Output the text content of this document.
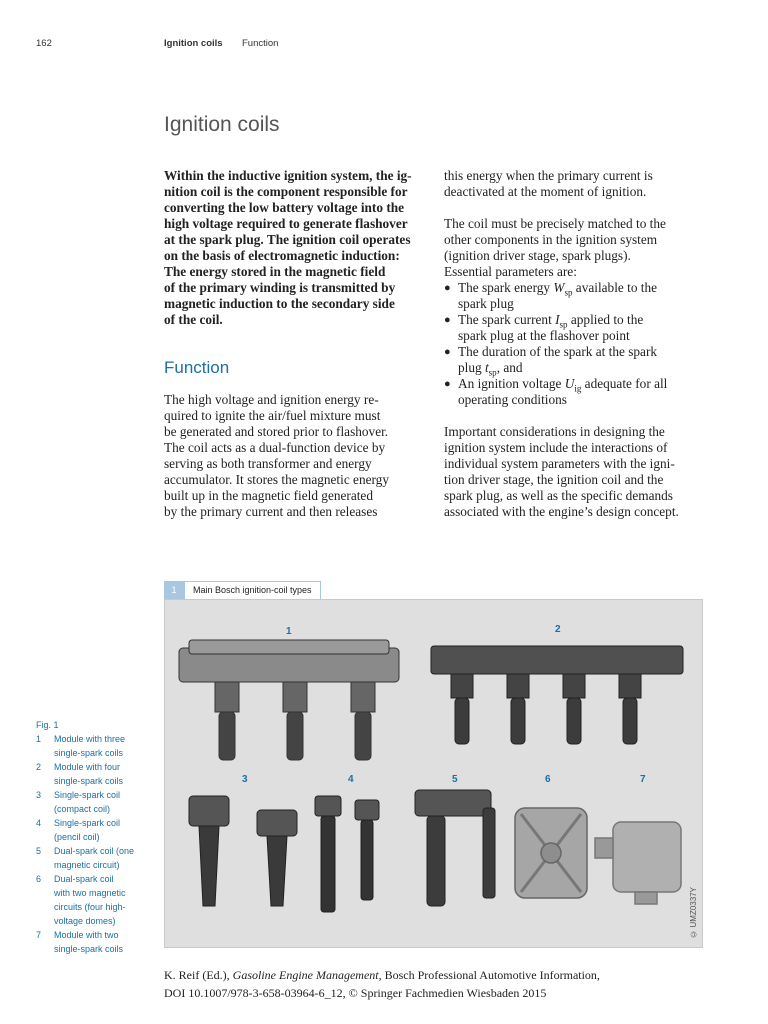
162	Ignition coils Function
Ignition coils
Within the inductive ignition system, the ig-
nition coil is the component responsible for
converting the low battery voltage into the
high voltage required to generate flashover
at the spark plug. The ignition coil operates
on the basis of electromagnetic induction:
The energy stored in the magnetic field
of the primary winding is transmitted by
magnetic induction to the secondary side
of the coil.
Function
The high voltage and ignition energy re-
quired to ignite the air/fuel mixture must
be generated and stored prior to flashover.
The coil acts as a dual-function device by
serving as both transformer and energy
accumulator. It stores the magnetic energy
built up in the magnetic field generated
by the primary current and then releases
this energy when the primary current is
deactivated at the moment of ignition.
The coil must be precisely matched to the
other components in the ignition system
(ignition driver stage, spark plugs).
Essential parameters are:
● The spark energy $W_{sp}$ available to the
spark plug
● The spark current $I_{sp}$ applied to the
spark plug at the flashover point
● The duration of the spark at the spark
plug $t_{sp}$, and
● An ignition voltage $U_{ig}$ adequate for all
operating conditions
Important considerations in designing the
ignition system include the interactions of
individual system parameters with the igni-
tion driver stage, the ignition coil and the
spark plug, as well as the specific demands
associated with the engine’s design concept.
1	Main Bosch ignition-coil types
1	2
3	4	5	6	7
© UMZ0337Y
Fig. 1
1	Module with three
single-spark coils
2	Module with four
single-spark coils
3	Single-spark coil
(compact coil)
4	Single-spark coil
(pencil coil)
5	Dual-spark coil (one
magnetic circuit)
6	Dual-spark coil
with two magnetic
circuits (four high-
voltage domes)
7	Module with two
single-spark coils
K. Reif (Ed.), Gasoline Engine Management, Bosch Professional Automotive Information,
DOI 10.1007/978-3-658-03964-6_12, © Springer Fachmedien Wiesbaden 2015
